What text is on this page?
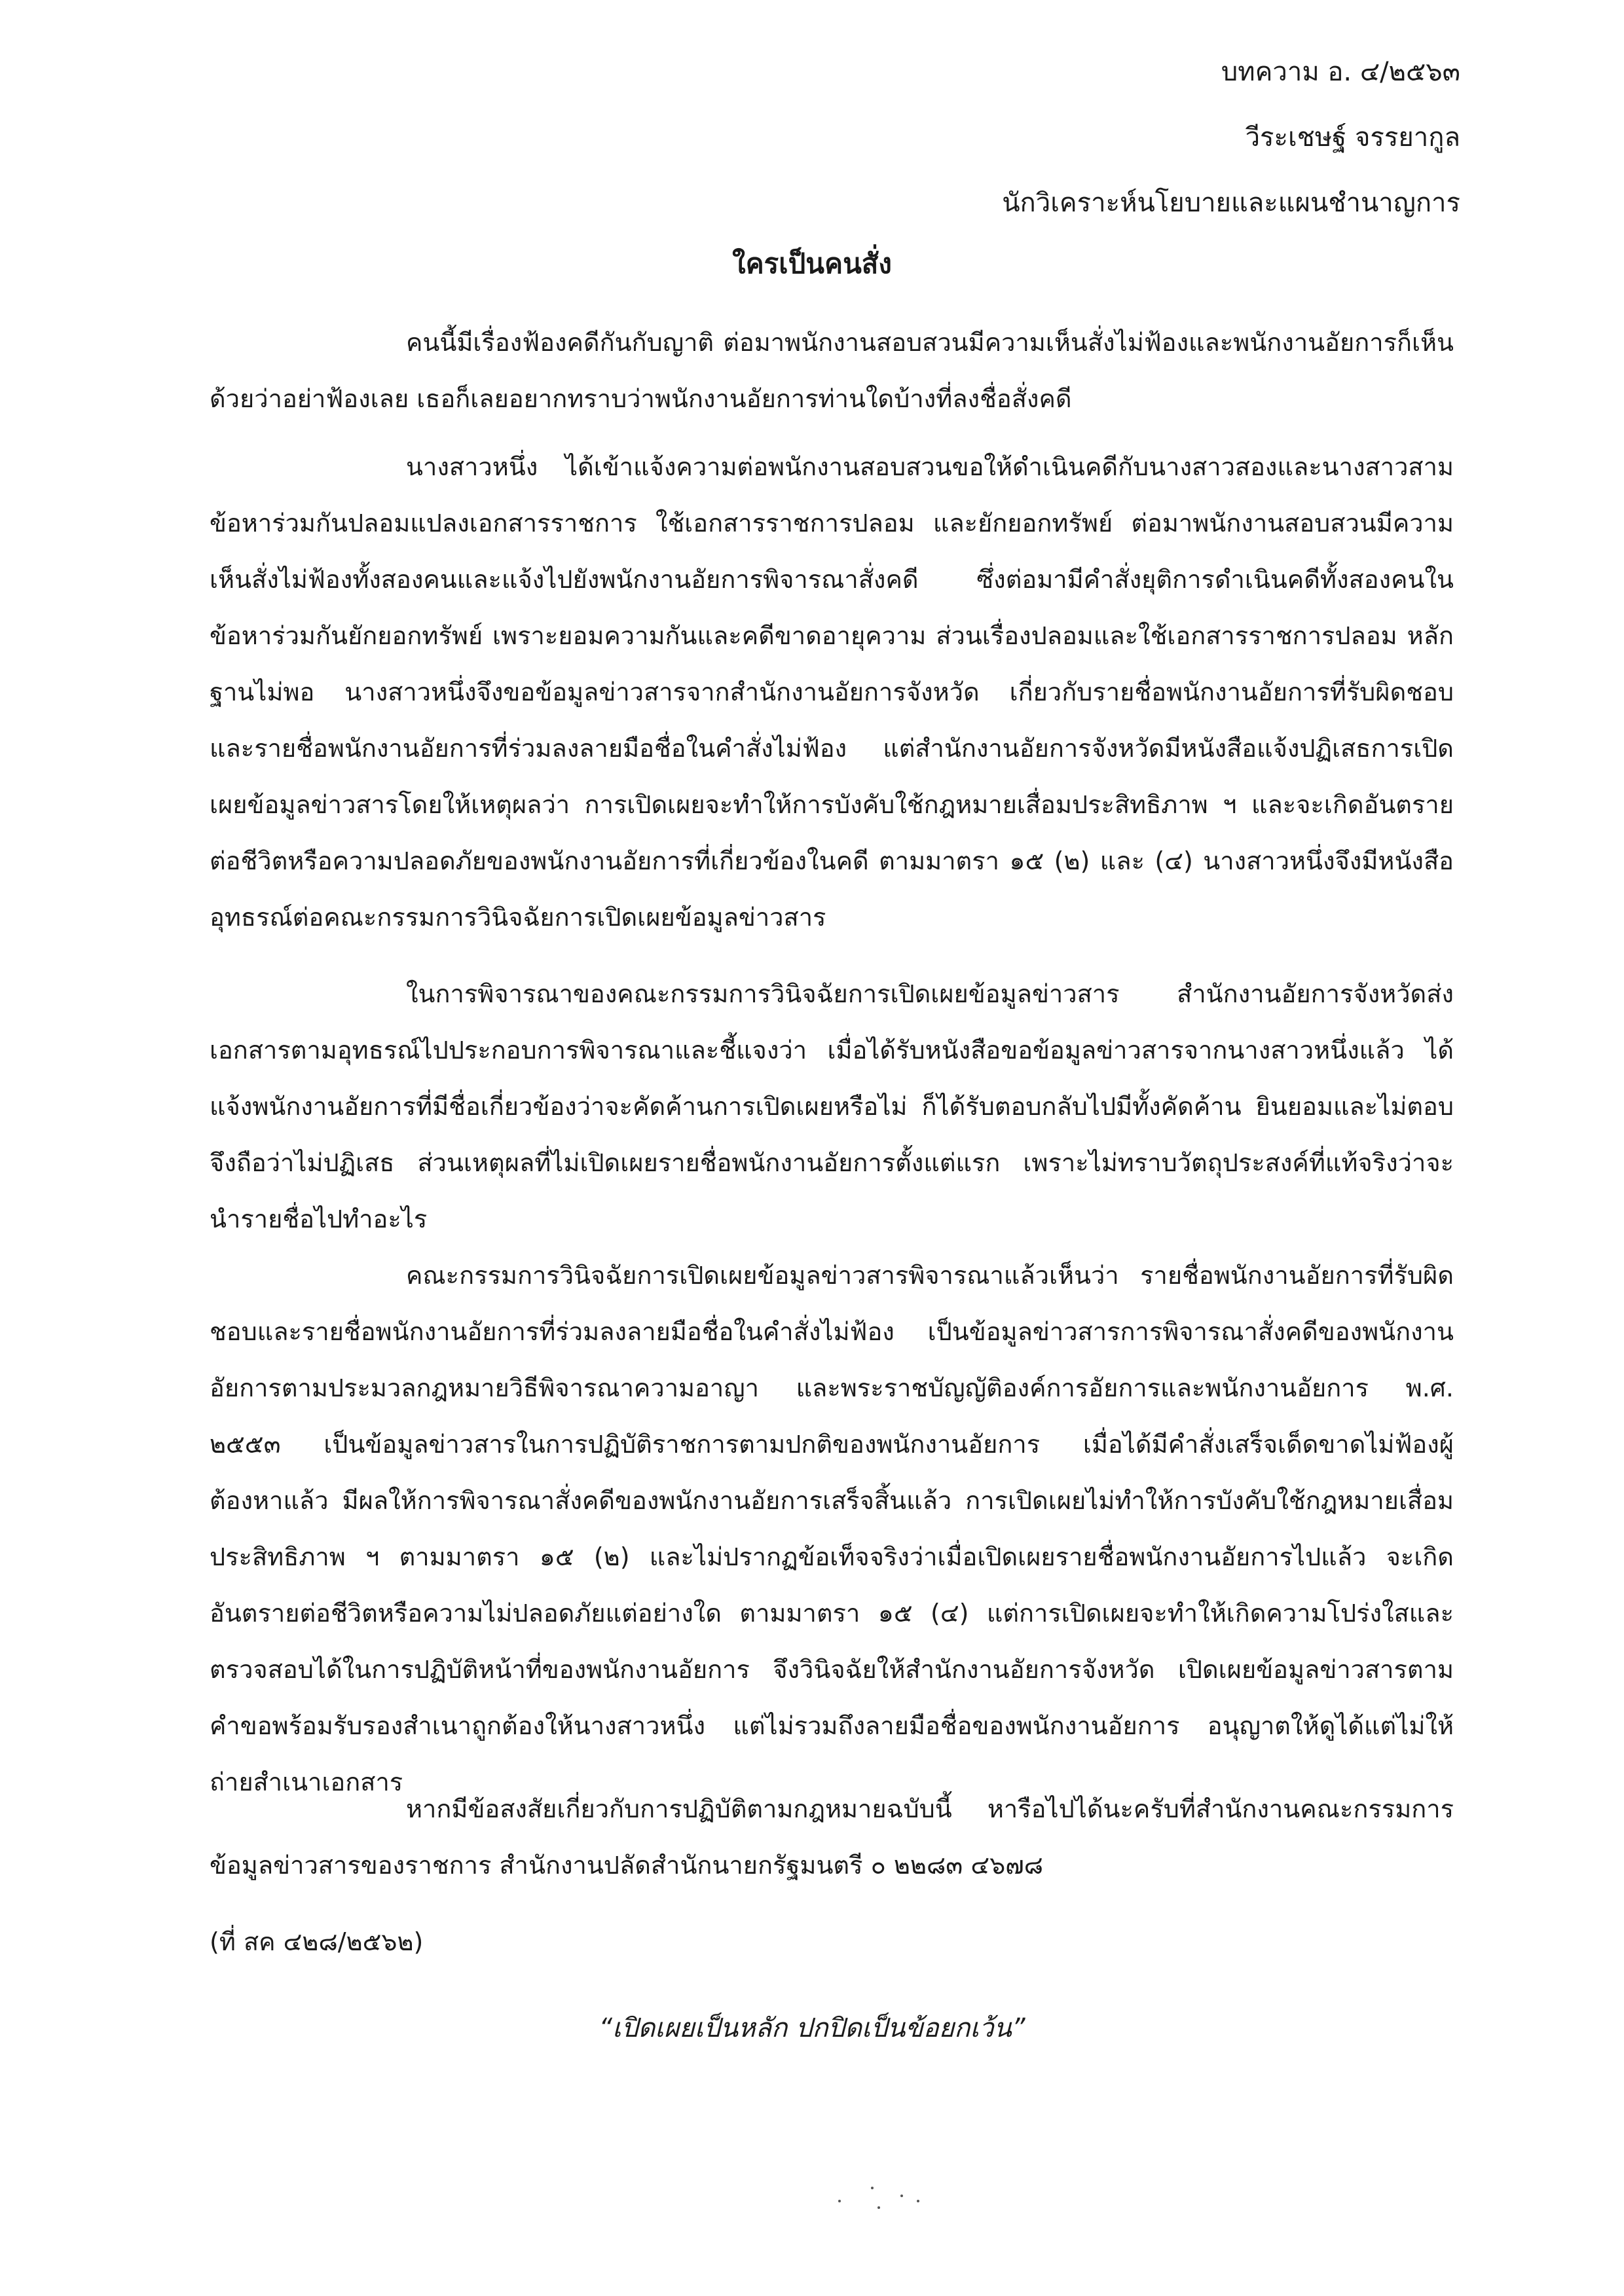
บทความ อ. ๔/๒๕๖๓
วีระเชษฐ์ จรรยากูล
นักวิเคราะห์นโยบายและแผนชำนาญการ
ใครเป็นคนสั่ง

คนนี้มีเรื่องฟ้องคดีกันกับญาติ ต่อมาพนักงานสอบสวนมีความเห็นสั่งไม่ฟ้องและพนักงานอัยการก็เห็นด้วยว่าอย่าฟ้องเลย เธอก็เลยอยากทราบว่าพนักงานอัยการท่านใดบ้างที่ลงชื่อสั่งคดี

นางสาวหนึ่ง ได้เข้าแจ้งความต่อพนักงานสอบสวนขอให้ดำเนินคดีกับนางสาวสองและนางสาวสาม ข้อหาร่วมกันปลอมแปลงเอกสารราชการ ใช้เอกสารราชการปลอม และยักยอกทรัพย์ ต่อมาพนักงานสอบสวนมีความเห็นสั่งไม่ฟ้องทั้งสองคนและแจ้งไปยังพนักงานอัยการพิจารณาสั่งคดี ซึ่งต่อมามีคำสั่งยุติการดำเนินคดีทั้งสองคนในข้อหาร่วมกันยักยอกทรัพย์ เพราะยอมความกันและคดีขาดอายุความ ส่วนเรื่องปลอมและใช้เอกสารราชการปลอม หลักฐานไม่พอ นางสาวหนึ่งจึงขอข้อมูลข่าวสารจากสำนักงานอัยการจังหวัด เกี่ยวกับรายชื่อพนักงานอัยการที่รับผิดชอบและรายชื่อพนักงานอัยการที่ร่วมลงลายมือชื่อในคำสั่งไม่ฟ้อง แต่สำนักงานอัยการจังหวัดมีหนังสือแจ้งปฏิเสธการเปิดเผยข้อมูลข่าวสารโดยให้เหตุผลว่า การเปิดเผยจะทำให้การบังคับใช้กฎหมายเสื่อมประสิทธิภาพ ฯ และจะเกิดอันตรายต่อชีวิตหรือความปลอดภัยของพนักงานอัยการที่เกี่ยวข้องในคดี ตามมาตรา ๑๕ (๒) และ (๔) นางสาวหนึ่งจึงมีหนังสืออุทธรณ์ต่อคณะกรรมการวินิจฉัยการเปิดเผยข้อมูลข่าวสาร

ในการพิจารณาของคณะกรรมการวินิจฉัยการเปิดเผยข้อมูลข่าวสาร สำนักงานอัยการจังหวัดส่งเอกสารตามอุทธรณ์ไปประกอบการพิจารณาและชี้แจงว่า เมื่อได้รับหนังสือขอข้อมูลข่าวสารจากนางสาวหนึ่งแล้ว ได้แจ้งพนักงานอัยการที่มีชื่อเกี่ยวข้องว่าจะคัดค้านการเปิดเผยหรือไม่ ก็ได้รับตอบกลับไปมีทั้งคัดค้าน ยินยอมและไม่ตอบจึงถือว่าไม่ปฏิเสธ ส่วนเหตุผลที่ไม่เปิดเผยรายชื่อพนักงานอัยการตั้งแต่แรก เพราะไม่ทราบวัตถุประสงค์ที่แท้จริงว่าจะนำรายชื่อไปทำอะไร

คณะกรรมการวินิจฉัยการเปิดเผยข้อมูลข่าวสารพิจารณาแล้วเห็นว่า รายชื่อพนักงานอัยการที่รับผิดชอบและรายชื่อพนักงานอัยการที่ร่วมลงลายมือชื่อในคำสั่งไม่ฟ้อง เป็นข้อมูลข่าวสารการพิจารณาสั่งคดีของพนักงานอัยการตามประมวลกฎหมายวิธีพิจารณาความอาญา และพระราชบัญญัติองค์การอัยการและพนักงานอัยการ พ.ศ. ๒๕๕๓ เป็นข้อมูลข่าวสารในการปฏิบัติราชการตามปกติของพนักงานอัยการ เมื่อได้มีคำสั่งเสร็จเด็ดขาดไม่ฟ้องผู้ต้องหาแล้ว มีผลให้การพิจารณาสั่งคดีของพนักงานอัยการเสร็จสิ้นแล้ว การเปิดเผยไม่ทำให้การบังคับใช้กฎหมายเสื่อมประสิทธิภาพ ฯ ตามมาตรา ๑๕ (๒) และไม่ปรากฏข้อเท็จจริงว่าเมื่อเปิดเผยรายชื่อพนักงานอัยการไปแล้ว จะเกิดอันตรายต่อชีวิตหรือความไม่ปลอดภัยแต่อย่างใด ตามมาตรา ๑๕ (๔) แต่การเปิดเผยจะทำให้เกิดความโปร่งใสและตรวจสอบได้ในการปฏิบัติหน้าที่ของพนักงานอัยการ จึงวินิจฉัยให้สำนักงานอัยการจังหวัด เปิดเผยข้อมูลข่าวสารตามคำขอพร้อมรับรองสำเนาถูกต้องให้นางสาวหนึ่ง แต่ไม่รวมถึงลายมือชื่อของพนักงานอัยการ อนุญาตให้ดูได้แต่ไม่ให้ถ่ายสำเนาเอกสาร

หากมีข้อสงสัยเกี่ยวกับการปฏิบัติตามกฎหมายฉบับนี้ หารือไปได้นะครับที่สำนักงานคณะกรรมการข้อมูลข่าวสารของราชการ สำนักงานปลัดสำนักนายกรัฐมนตรี ๐ ๒๒๘๓ ๔๖๗๘

(ที่ สค ๔๒๘/๒๕๖๒)
“เปิดเผยเป็นหลัก ปกปิดเป็นข้อยกเว้น”
